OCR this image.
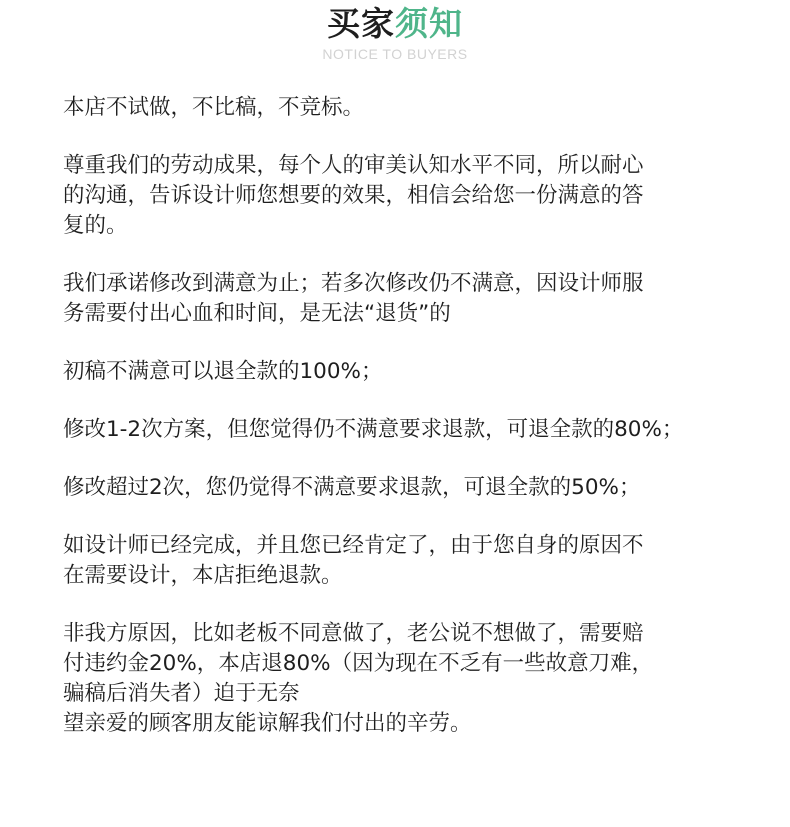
买家须知
NOTICE TO BUYERS

本店不试做，不比稿，不竞标。

尊重我们的劳动成果，每个人的审美认知水平不同，所以耐心
的沟通，告诉设计师您想要的效果，相信会给您一份满意的答
复的。

我们承诺修改到满意为止；若多次修改仍不满意，因设计师服
务需要付出心血和时间，是无法“退货”的

初稿不满意可以退全款的100%；

修改1-2次方案，但您觉得仍不满意要求退款，可退全款的80%；

修改超过2次，您仍觉得不满意要求退款，可退全款的50%；

如设计师已经完成，并且您已经肯定了，由于您自身的原因不
在需要设计，本店拒绝退款。

非我方原因，比如老板不同意做了，老公说不想做了，需要赔
付违约金20%，本店退80%（因为现在不乏有一些故意刀难，
骗稿后消失者）迫于无奈
望亲爱的顾客朋友能谅解我们付出的辛劳。
